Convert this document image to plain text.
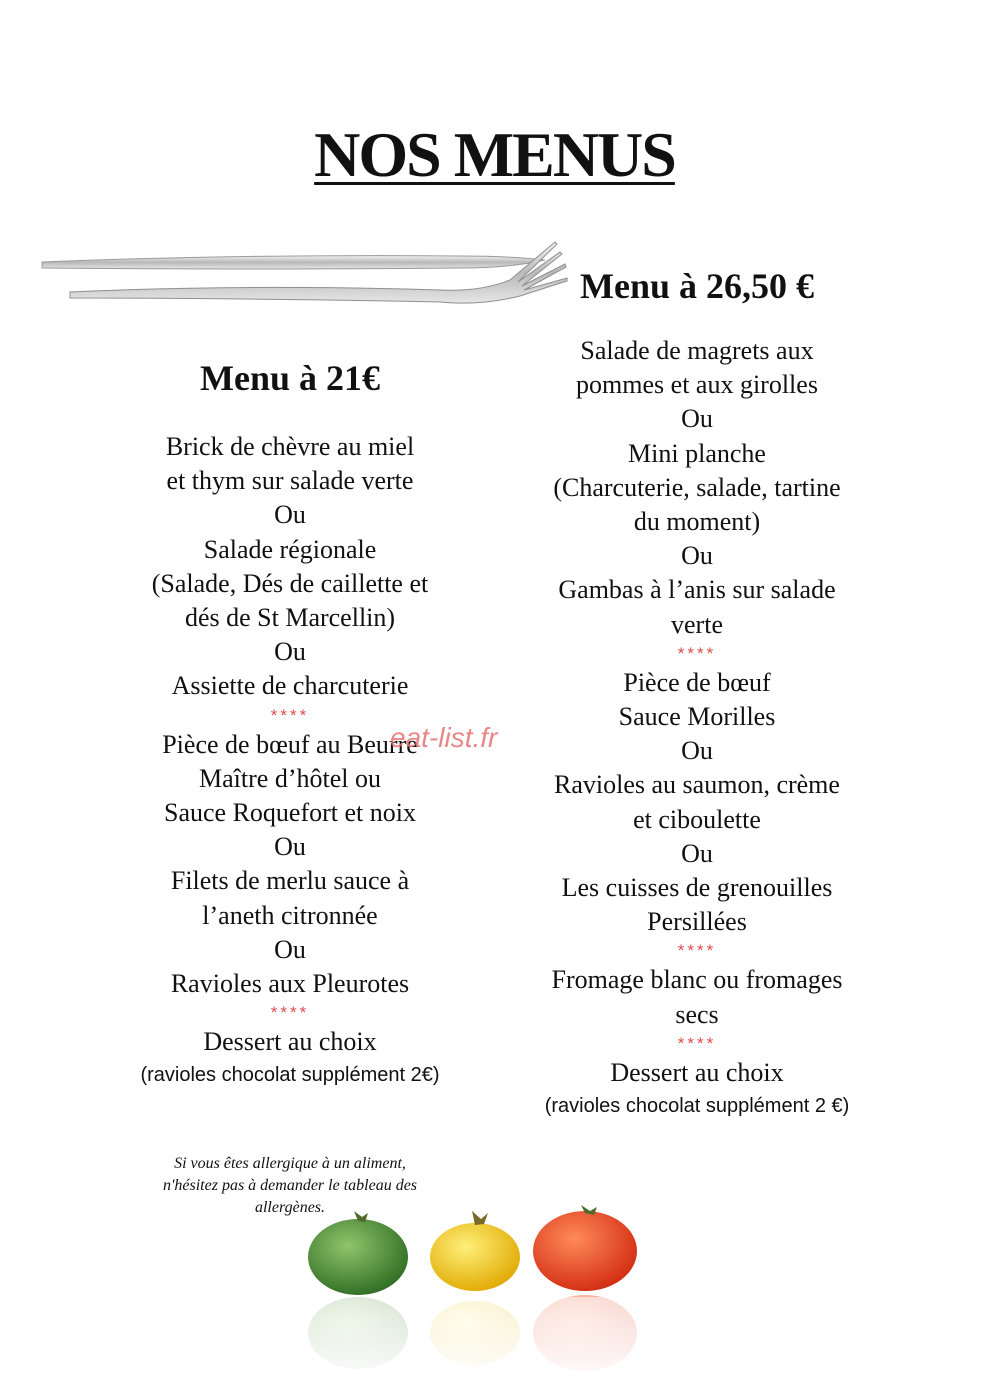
NOS MENUS
Menu à 21€
Brick de chèvre au miel
et thym sur salade verte
Ou
Salade régionale
(Salade, Dés de caillette et
dés de St Marcellin)
Ou
Assiette de charcuterie
****
Pièce de bœuf au Beurre
Maître d’hôtel ou
Sauce Roquefort et noix
Ou
Filets de merlu sauce à
l’aneth citronnée
Ou
Ravioles aux Pleurotes
****
Dessert au choix
(ravioles chocolat supplément 2€)
Menu à 26,50 €
Salade de magrets aux
pommes et aux girolles
Ou
Mini planche
(Charcuterie, salade, tartine
du moment)
Ou
Gambas à l’anis sur salade
verte
****
Pièce de bœuf
Sauce Morilles
Ou
Ravioles au saumon, crème
et ciboulette
Ou
Les cuisses de grenouilles
Persillées
****
Fromage blanc ou fromages
secs
****
Dessert au choix
(ravioles chocolat supplément 2 €)
eat-list.fr
Si vous êtes allergique à un aliment,
n'hésitez pas à demander le tableau des
allergènes.
